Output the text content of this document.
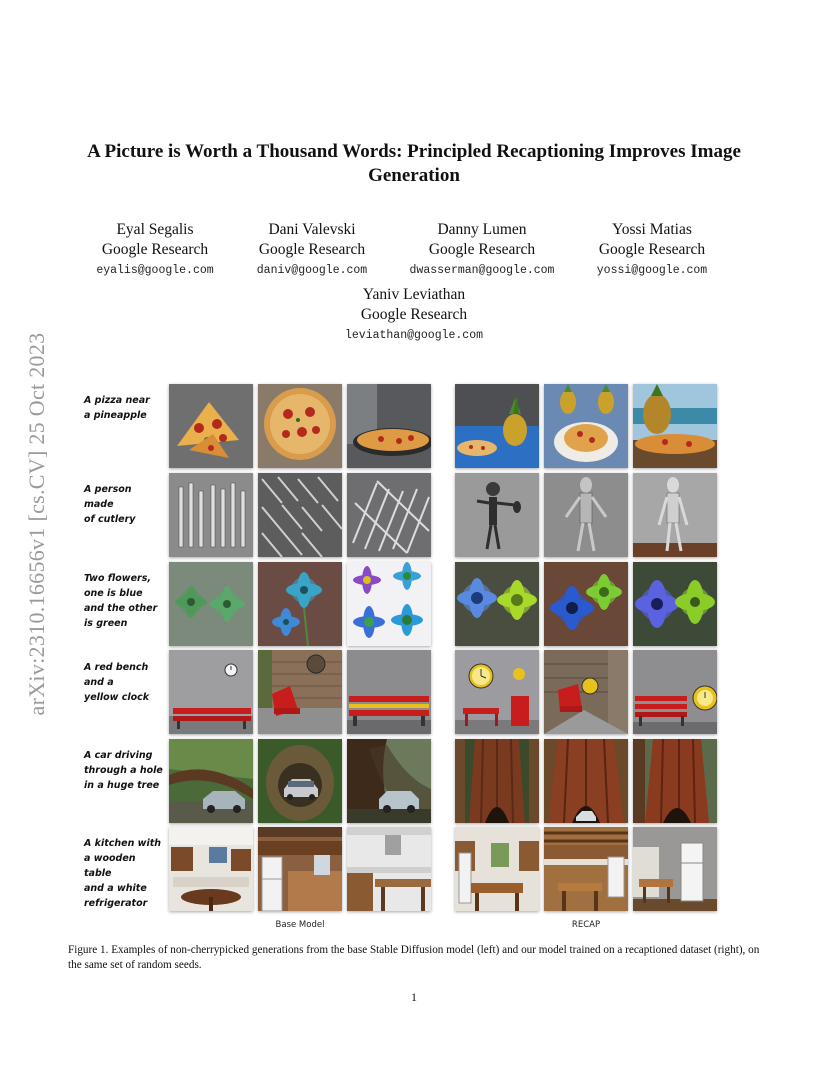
arXiv:2310.16656v1 [cs.CV] 25 Oct 2023
A Picture is Worth a Thousand Words: Principled Recaptioning Improves Image
Generation
Eyal Segalis
Google Research
eyalis@google.com
Dani Valevski
Google Research
daniv@google.com
Danny Lumen
Google Research
dwasserman@google.com
Yossi Matias
Google Research
yossi@google.com
Yaniv Leviathan
Google Research
leviathan@google.com
A pizza near
a pineapple
A person made
of cutlery
Two flowers,
one is blue
and the other
is green
A red bench
and a
yellow clock
A car driving
through a hole
in a huge tree
A kitchen with
a wooden table
and a white
refrigerator
Base Model	RECAP
Figure 1. Examples of non-cherrypicked generations from the base Stable Diffusion model (left) and our model trained on a recaptioned dataset (right), on the same set of random seeds.
1
